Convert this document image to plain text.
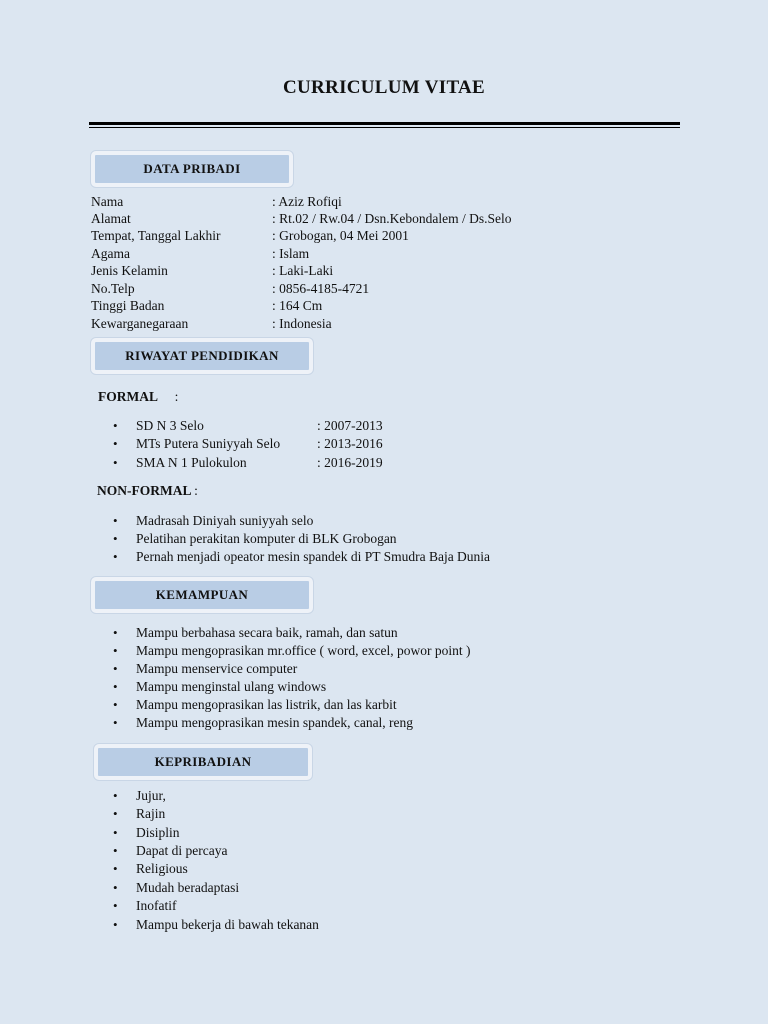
CURRICULUM VITAE
DATA PRIBADI
Nama	: Aziz Rofiqi
Alamat	: Rt.02 / Rw.04 / Dsn.Kebondalem / Ds.Selo
Tempat, Tanggal Lakhir	: Grobogan, 04 Mei 2001
Agama	: Islam
Jenis Kelamin	: Laki-Laki
No.Telp	: 0856-4185-4721
Tinggi Badan	: 164 Cm
Kewarganegaraan	: Indonesia
RIWAYAT PENDIDIKAN
FORMAL :
• SD N 3 Selo	: 2007-2013
• MTs Putera Suniyyah Selo	: 2013-2016
• SMA N 1 Pulokulon	: 2016-2019
NON-FORMAL :
• Madrasah Diniyah suniyyah selo
• Pelatihan perakitan komputer di BLK Grobogan
• Pernah menjadi opeator mesin spandek di PT Smudra Baja Dunia
KEMAMPUAN
• Mampu berbahasa secara baik, ramah, dan satun
• Mampu mengoprasikan mr.office ( word, excel, powor point )
• Mampu menservice computer
• Mampu menginstal ulang windows
• Mampu mengoprasikan las listrik, dan las karbit
• Mampu mengoprasikan mesin spandek, canal, reng
KEPRIBADIAN
• Jujur,
• Rajin
• Disiplin
• Dapat di percaya
• Religious
• Mudah beradaptasi
• Inofatif
• Mampu bekerja di bawah tekanan
